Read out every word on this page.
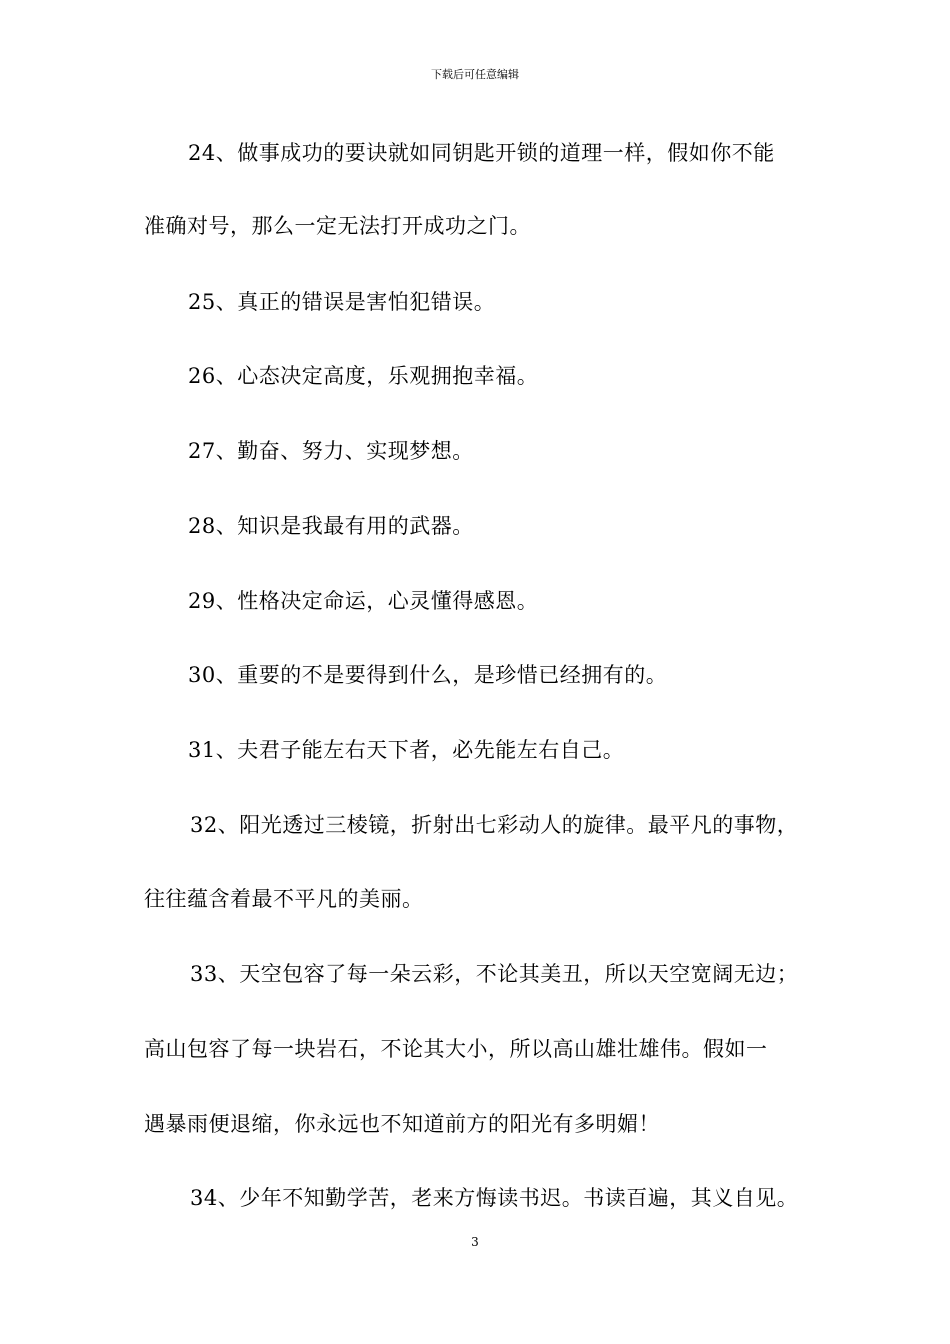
下载后可任意编辑
24、做事成功的要诀就如同钥匙开锁的道理一样，假如你不能
准确对号，那么一定无法打开成功之门。
25、真正的错误是害怕犯错误。
26、心态决定高度，乐观拥抱幸福。
27、勤奋、努力、实现梦想。
28、知识是我最有用的武器。
29、性格决定命运，心灵懂得感恩。
30、重要的不是要得到什么，是珍惜已经拥有的。
31、夫君子能左右天下者，必先能左右自己。
32、阳光透过三棱镜，折射出七彩动人的旋律。最平凡的事物，
往往蕴含着最不平凡的美丽。
33、天空包容了每一朵云彩，不论其美丑，所以天空宽阔无边；
高山包容了每一块岩石，不论其大小，所以高山雄壮雄伟。假如一
遇暴雨便退缩，你永远也不知道前方的阳光有多明媚！
34、少年不知勤学苦，老来方悔读书迟。书读百遍，其义自见。
3
